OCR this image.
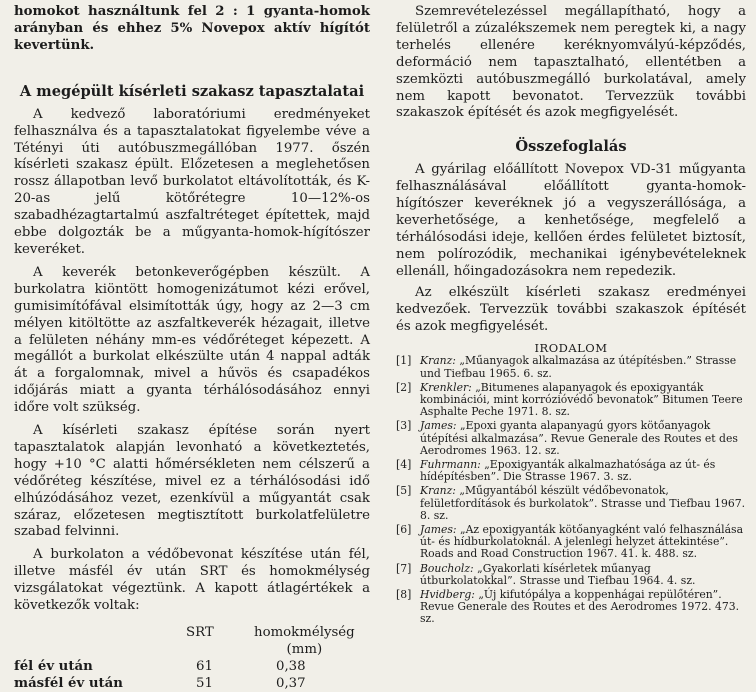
homokot használtunk fel 2 : 1 gyanta-homok arányban és ehhez 5% Novepox aktív hígítót kevertünk.

A megépült kísérleti szakasz tapasztalatai

A kedvező laboratóriumi eredményeket felhasználva és a tapasztalatokat figyelembe véve a Tétényi úti autóbuszmegállóban 1977. őszén kísérleti szakasz épült. Előzetesen a meglehetősen rossz állapotban levő burkolatot eltávolították, és K-20-as jelű kötőrétegre 10—12%-os szabadhézagtartalmú aszfaltréteget építettek, majd ebbe dolgozták be a műgyanta-homok-hígítószer keveréket.

A keverék betonkeverőgépben készült. A burkolatra kiöntött homogenizátumot kézi erővel, gumisimítófával elsimították úgy, hogy az 2—3 cm mélyen kitöltötte az aszfaltkeverék hézagait, illetve a felületen néhány mm-es védőréteget képezett. A megállót a burkolat elkészülte után 4 nappal adták át a forgalomnak, mivel a hűvös és csapadékos időjárás miatt a gyanta térhálósodásához ennyi időre volt szükség.

A kísérleti szakasz építése során nyert tapasztalatok alapján levonható a következtetés, hogy +10 °C alatti hőmérsékleten nem célszerű a védőréteg készítése, mivel ez a térhálósodási idő elhúzódásához vezet, ezenkívül a műgyantát csak száraz, előzetesen megtisztított burkolatfelületre szabad felvinni.

A burkolaton a védőbevonat készítése után fél, illetve másfél év után SRT és homokmélység vizsgálatokat végeztünk. A kapott átlagértékek a következők voltak:

	SRT	homokmélység
		(mm)
fél év után	61	0,38
másfél év után	51	0,37

Szemrevételezéssel megállapítható, hogy a felületről a zúzalékszemek nem peregtek ki, a nagy terhelés ellenére keréknyomvályú-képződés, deformáció nem tapasztalható, ellentétben a szemközti autóbuszmegálló burkolatával, amely nem kapott bevonatot. Tervezzük további szakaszok építését és azok megfigyelését.

Összefoglalás

A gyárilag előállított Novepox VD-31 műgyanta felhasználásával előállított gyanta-homok-hígítószer keveréknek jó a vegyszerállósága, a keverhetősége, a kenhetősége, megfelelő a térhálósodási ideje, kellően érdes felületet biztosít, nem polírozódik, mechanikai igénybevételeknek ellenáll, hőingadozásokra nem repedezik.

Az elkészült kísérleti szakasz eredményei kedvezőek. Tervezzük további szakaszok építését és azok megfigyelését.

IRODALOM
[1] Kranz: „Műanyagok alkalmazása az útépítésben.” Strasse und Tiefbau 1965. 6. sz.
[2] Krenkler: „Bitumenes alapanyagok és epoxigyanták kombinációi, mint korrózióvédő bevonatok” Bitumen Teere Asphalte Peche 1971. 8. sz.
[3] James: „Epoxi gyanta alapanyagú gyors kötőanyagok útépítési alkalmazása”. Revue Generale des Routes et des Aerodromes 1963. 12. sz.
[4] Fuhrmann: „Epoxigyanták alkalmazhatósága az út- és hídépítésben”. Die Strasse 1967. 3. sz.
[5] Kranz: „Műgyantából készült védőbevonatok, felületfordítások és burkolatok”. Strasse und Tiefbau 1967. 8. sz.
[6] James: „Az epoxigyanták kötőanyagként való felhasználása út- és hídburkolatoknál. A jelenlegi helyzet áttekintése”. Roads and Road Construction 1967. 41. k. 488. sz.
[7] Boucholz: „Gyakorlati kísérletek műanyag útburkolatokkal”. Strasse und Tiefbau 1964. 4. sz.
[8] Hvidberg: „Új kifutópálya a koppenhágai repülőtéren”. Revue Generale des Routes et des Aerodromes 1972. 473. sz.
